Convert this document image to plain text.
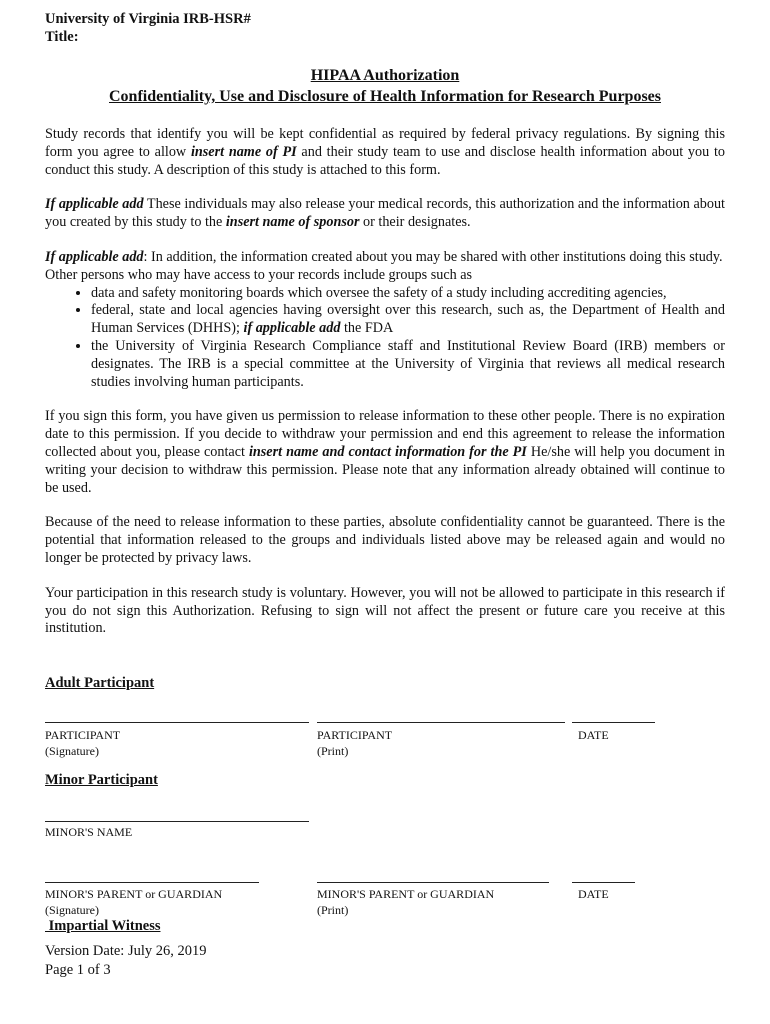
University of Virginia IRB-HSR#
Title:
HIPAA Authorization
Confidentiality, Use and Disclosure of Health Information for Research Purposes

Study records that identify you will be kept confidential as required by federal privacy regulations. By signing this form you agree to allow insert name of PI and their study team to use and disclose health information about you to conduct this study. A description of this study is attached to this form.

If applicable add These individuals may also release your medical records, this authorization and the information about you created by this study to the insert name of sponsor or their designates.

If applicable add: In addition, the information created about you may be shared with other institutions doing this study.

Other persons who may have access to your records include groups such as

• data and safety monitoring boards which oversee the safety of a study including accrediting agencies,
• federal, state and local agencies having oversight over this research, such as, the Department of Health and Human Services (DHHS); if applicable add the FDA
• the University of Virginia Research Compliance staff and Institutional Review Board (IRB) members or designates. The IRB is a special committee at the University of Virginia that reviews all medical research studies involving human participants.

If you sign this form, you have given us permission to release information to these other people. There is no expiration date to this permission. If you decide to withdraw your permission and end this agreement to release the information collected about you, please contact insert name and contact information for the PI He/she will help you document in writing your decision to withdraw this permission. Please note that any information already obtained will continue to be used.

Because of the need to release information to these parties, absolute confidentiality cannot be guaranteed. There is the potential that information released to the groups and individuals listed above may be released again and would no longer be protected by privacy laws.

Your participation in this research study is voluntary. However, you will not be allowed to participate in this research if you do not sign this Authorization. Refusing to sign will not affect the present or future care you receive at this institution.

Adult Participant
PARTICIPANT
(Signature)
PARTICIPANT
(Print)
DATE
Minor Participant
MINOR'S NAME
MINOR'S PARENT or GUARDIAN
(Signature)
MINOR'S PARENT or GUARDIAN
(Print)
DATE
Impartial Witness
Version Date: July 26, 2019
Page 1 of 3
